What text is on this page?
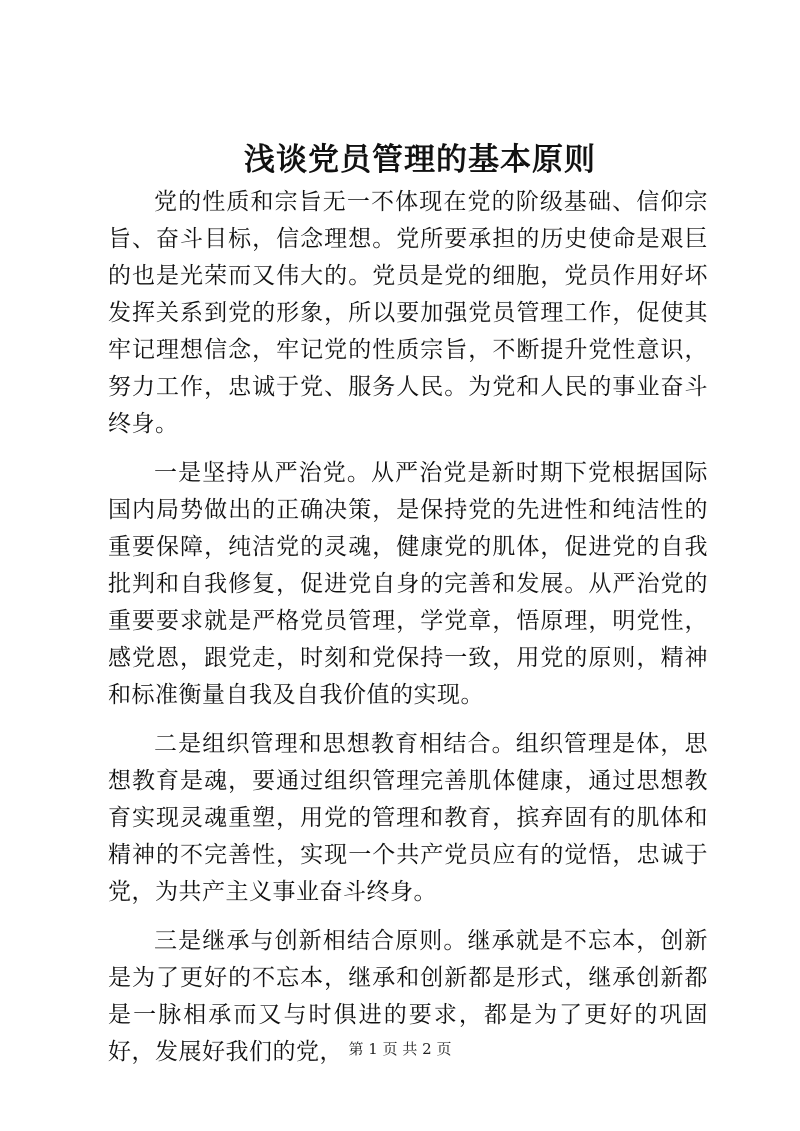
浅谈党员管理的基本原则

党的性质和宗旨无一不体现在党的阶级基础、信仰宗旨、奋斗目标，信念理想。党所要承担的历史使命是艰巨的也是光荣而又伟大的。党员是党的细胞，党员作用好坏发挥关系到党的形象，所以要加强党员管理工作，促使其牢记理想信念，牢记党的性质宗旨，不断提升党性意识，努力工作，忠诚于党、服务人民。为党和人民的事业奋斗终身。

一是坚持从严治党。从严治党是新时期下党根据国际国内局势做出的正确决策，是保持党的先进性和纯洁性的重要保障，纯洁党的灵魂，健康党的肌体，促进党的自我批判和自我修复，促进党自身的完善和发展。从严治党的重要要求就是严格党员管理，学党章，悟原理，明党性，感党恩，跟党走，时刻和党保持一致，用党的原则，精神和标准衡量自我及自我价值的实现。

二是组织管理和思想教育相结合。组织管理是体，思想教育是魂，要通过组织管理完善肌体健康，通过思想教育实现灵魂重塑，用党的管理和教育，摈弃固有的肌体和精神的不完善性，实现一个共产党员应有的觉悟，忠诚于党，为共产主义事业奋斗终身。

三是继承与创新相结合原则。继承就是不忘本，创新是为了更好的不忘本，继承和创新都是形式，继承创新都是一脉相承而又与时俱进的要求，都是为了更好的巩固好，发展好我们的党， 第 1 页 共 2 页
